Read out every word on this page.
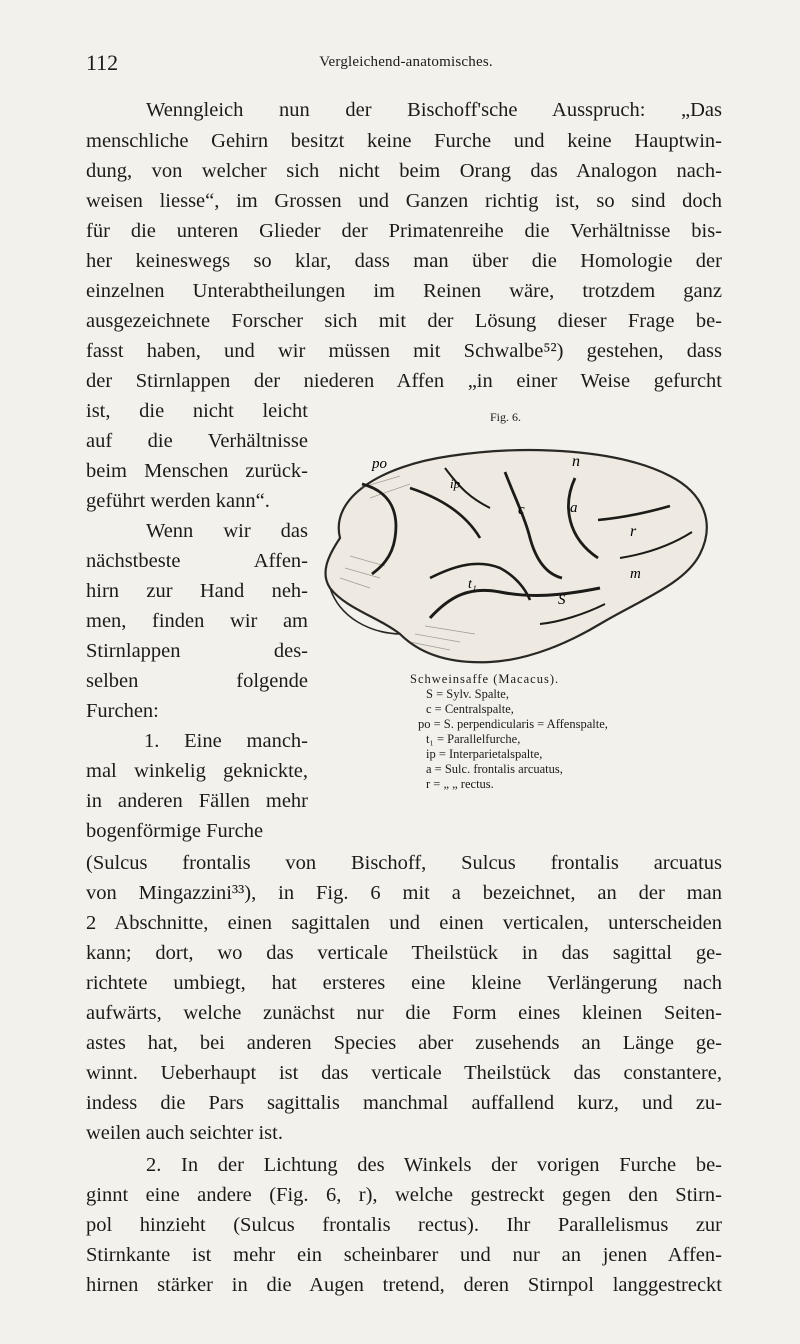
112	Vergleichend-anatomisches.
Wenngleich nun der Bischoff'sche Ausspruch: „Das
menschliche Gehirn besitzt keine Furche und keine Hauptwin-
dung, von welcher sich nicht beim Orang das Analogon nach-
weisen liesse“, im Grossen und Ganzen richtig ist, so sind doch
für die unteren Glieder der Primatenreihe die Verhältnisse bis-
her keineswegs so klar, dass man über die Homologie der
einzelnen Unterabtheilungen im Reinen wäre, trotzdem ganz
ausgezeichnete Forscher sich mit der Lösung dieser Frage be-
fasst haben, und wir müssen mit Schwalbe⁵²) gestehen, dass
der Stirnlappen der niederen Affen „in einer Weise gefurcht
ist, die nicht leicht
auf die Verhältnisse
beim Menschen zurück-
geführt werden kann“.
Wenn wir das
nächstbeste Affen-
hirn zur Hand neh-
men, finden wir am
Stirnlappen des-
selben folgende
Furchen:
1. Eine manch-
mal winkelig geknickte,
in anderen Fällen mehr
bogenförmige Furche
(Sulcus frontalis von Bischoff, Sulcus frontalis arcuatus
von Mingazzini³³), in Fig. 6 mit a bezeichnet, an der man
2 Abschnitte, einen sagittalen und einen verticalen, unterscheiden
kann; dort, wo das verticale Theilstück in das sagittal ge-
richtete umbiegt, hat ersteres eine kleine Verlängerung nach
aufwärts, welche zunächst nur die Form eines kleinen Seiten-
astes hat, bei anderen Species aber zusehends an Länge ge-
winnt. Ueberhaupt ist das verticale Theilstück das constantere,
indess die Pars sagittalis manchmal auffallend kurz, und zu-
weilen auch seichter ist.
2. In der Lichtung des Winkels der vorigen Furche be-
ginnt eine andere (Fig. 6, r), welche gestreckt gegen den Stirn-
pol hinzieht (Sulcus frontalis rectus). Ihr Parallelismus zur
Stirnkante ist mehr ein scheinbarer und nur an jenen Affen-
hirnen stärker in die Augen tretend, deren Stirnpol langgestreckt
Fig. 6.
po
ip
n
c	a
r
t₁
S
m
Schweinsaffe (Macacus).
S = Sylv. Spalte,
c = Centralspalte,
po = S. perpendicularis = Affenspalte,
t₁ = Parallelfurche,
ip = Interparietalspalte,
a = Sulc. frontalis arcuatus,
r = „ „ rectus.
